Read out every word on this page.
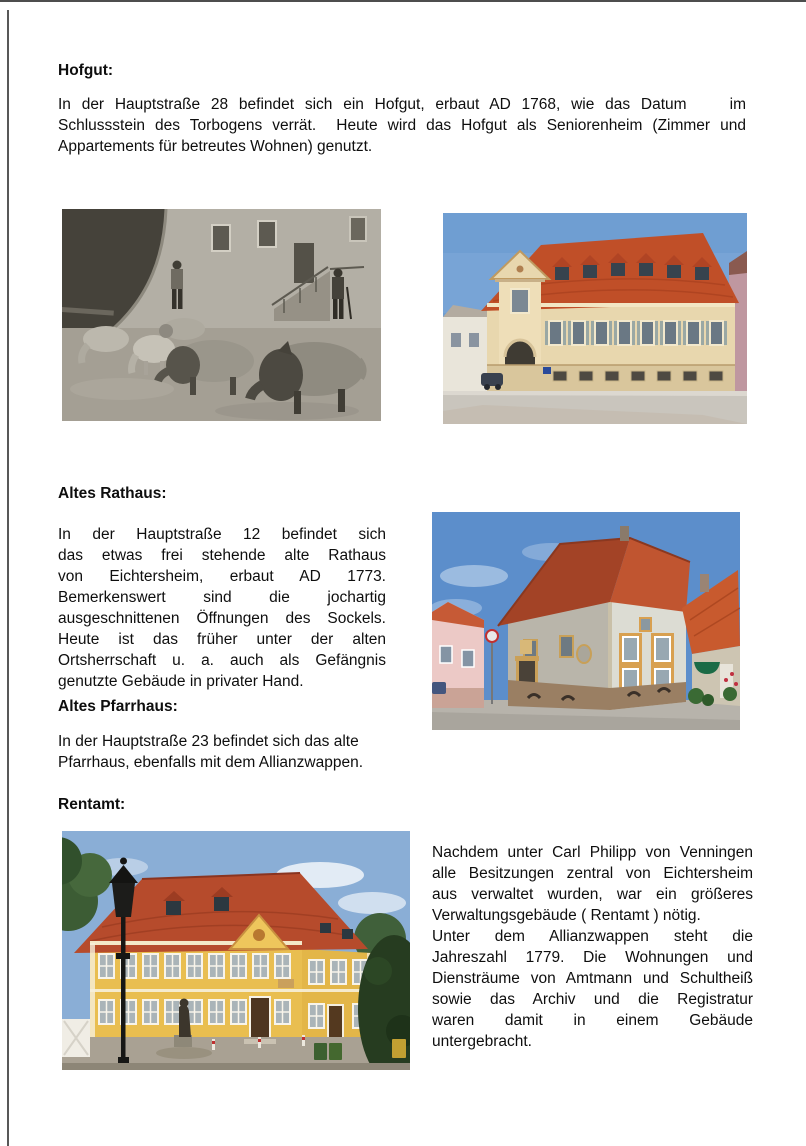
Hofgut:
In der Hauptstraße 28 befindet sich ein Hofgut, erbaut AD 1768, wie das Datum    im
Schlussstein des Torbogens verrät.  Heute wird das Hofgut als Seniorenheim (Zimmer und
Appartements für betreutes Wohnen) genutzt.
Altes Rathaus:
In der Hauptstraße 12 befindet sich
das etwas frei stehende alte Rathaus
von Eichtersheim, erbaut AD 1773.
Bemerkenswert sind die jochartig
ausgeschnittenen Öffnungen des Sockels.
Heute ist das früher unter der alten
Ortsherrschaft u. a. auch als Gefängnis
genutzte Gebäude in privater Hand.
Altes Pfarrhaus:
In der Hauptstraße 23 befindet sich das alte
Pfarrhaus, ebenfalls mit dem Allianzwappen.
Rentamt:
Nachdem unter Carl Philipp von Venningen
alle Besitzungen zentral von Eichtersheim
aus verwaltet wurden, war ein größeres
Verwaltungsgebäude ( Rentamt ) nötig.
Unter dem Allianzwappen steht die
Jahreszahl 1779. Die Wohnungen und
Diensträume von Amtmann und Schultheiß
sowie das Archiv und die Registratur
waren damit in einem Gebäude
untergebracht.
